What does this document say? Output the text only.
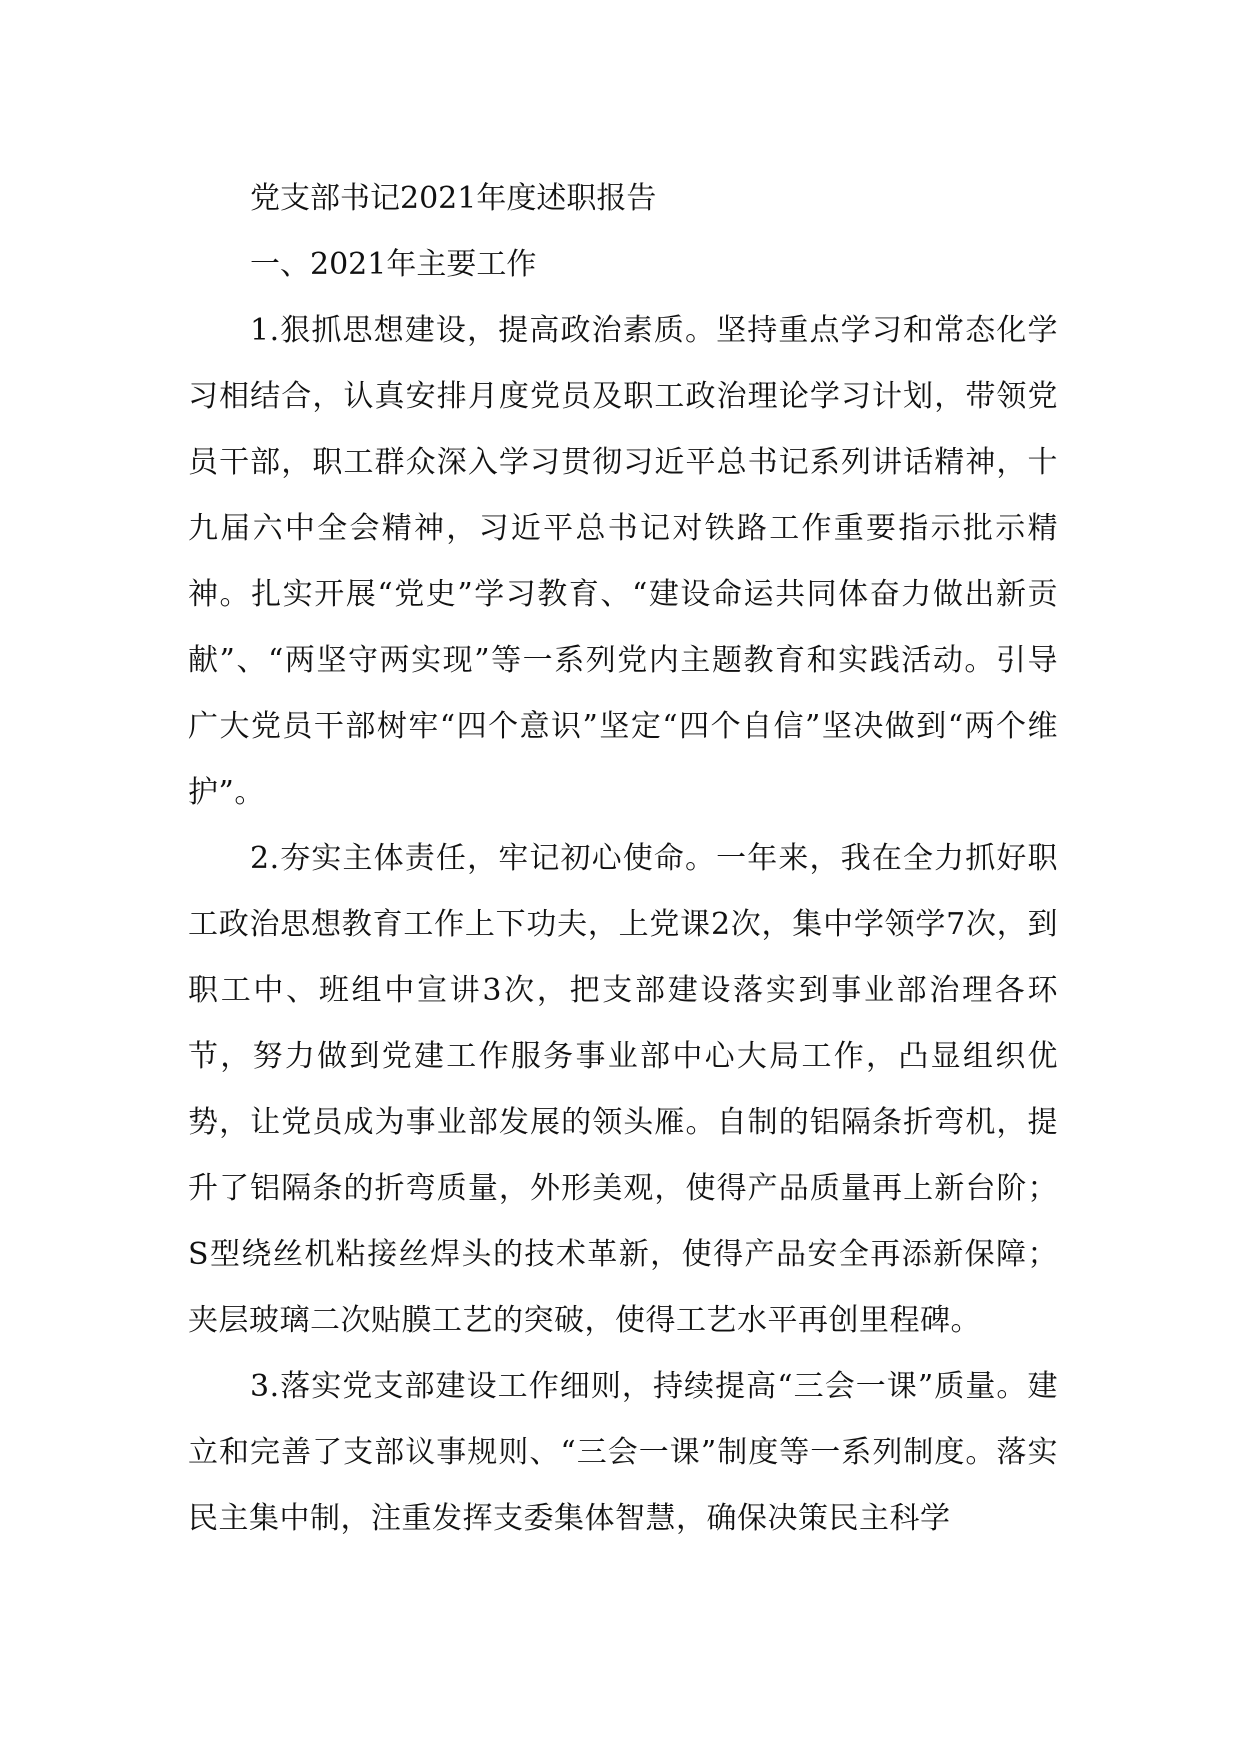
党支部书记2021年度述职报告
一、2021年主要工作

1.狠抓思想建设，提高政治素质。坚持重点学习和常态化学习相结合，认真安排月度党员及职工政治理论学习计划，带领党员干部，职工群众深入学习贯彻习近平总书记系列讲话精神，十九届六中全会精神，习近平总书记对铁路工作重要指示批示精神。扎实开展“党史”学习教育、“建设命运共同体奋力做出新贡献”、“两坚守两实现”等一系列党内主题教育和实践活动。引导广大党员干部树牢“四个意识”坚定“四个自信”坚决做到“两个维护”。

2.夯实主体责任，牢记初心使命。一年来，我在全力抓好职工政治思想教育工作上下功夫，上党课2次，集中学领学7次，到职工中、班组中宣讲3次，把支部建设落实到事业部治理各环节，努力做到党建工作服务事业部中心大局工作，凸显组织优势，让党员成为事业部发展的领头雁。自制的铝隔条折弯机，提升了铝隔条的折弯质量，外形美观，使得产品质量再上新台阶；S型绕丝机粘接丝焊头的技术革新，使得产品安全再添新保障；夹层玻璃二次贴膜工艺的突破，使得工艺水平再创里程碑。

3.落实党支部建设工作细则，持续提高“三会一课”质量。建立和完善了支部议事规则、“三会一课”制度等一系列制度。落实民主集中制，注重发挥支委集体智慧，确保决策民主科学
